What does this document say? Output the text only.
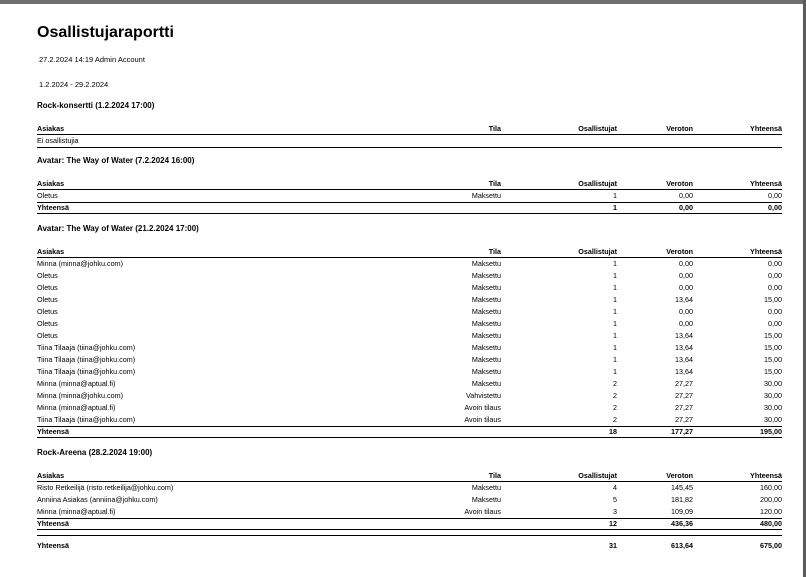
Osallistujaraportti

27.2.2024 14:19 Admin Account

1.2.2024 - 29.2.2024

Rock-konsertti (1.2.2024 17:00)
Asiakas	Tila	Osallistujat	Veroton	Yhteensä
Ei osallistujia
Avatar: The Way of Water (7.2.2024 16:00)
Asiakas	Tila	Osallistujat	Veroton	Yhteensä
Oletus	Maksettu	1	0,00	0,00
Yhteensä		1	0,00	0,00
Avatar: The Way of Water (21.2.2024 17:00)
Asiakas	Tila	Osallistujat	Veroton	Yhteensä
Minna (minna@johku.com)	Maksettu	1	0,00	0,00
Oletus	Maksettu	1	0,00	0,00
Oletus	Maksettu	1	0,00	0,00
Oletus	Maksettu	1	13,64	15,00
Oletus	Maksettu	1	0,00	0,00
Oletus	Maksettu	1	0,00	0,00
Oletus	Maksettu	1	13,64	15,00
Tiina Tilaaja (tiina@johku.com)	Maksettu	1	13,64	15,00
Tiina Tilaaja (tiina@johku.com)	Maksettu	1	13,64	15,00
Tiina Tilaaja (tiina@johku.com)	Maksettu	1	13,64	15,00
Minna (minna@aptual.fi)	Maksettu	2	27,27	30,00
Minna (minna@johku.com)	Vahvistettu	2	27,27	30,00
Minna (minna@aptual.fi)	Avoin tilaus	2	27,27	30,00
Tiina Tilaaja (tiina@johku.com)	Avoin tilaus	2	27,27	30,00
Yhteensä		18	177,27	195,00
Rock-Areena (28.2.2024 19:00)
Asiakas	Tila	Osallistujat	Veroton	Yhteensä
Risto Retkeilijä (risto.retkeilija@johku.com)	Maksettu	4	145,45	160,00
Anniina Asiakas (anniina@johku.com)	Maksettu	5	181,82	200,00
Minna (minna@aptual.fi)	Avoin tilaus	3	109,09	120,00
Yhteensä		12	436,36	480,00
Yhteensä		31	613,64	675,00
